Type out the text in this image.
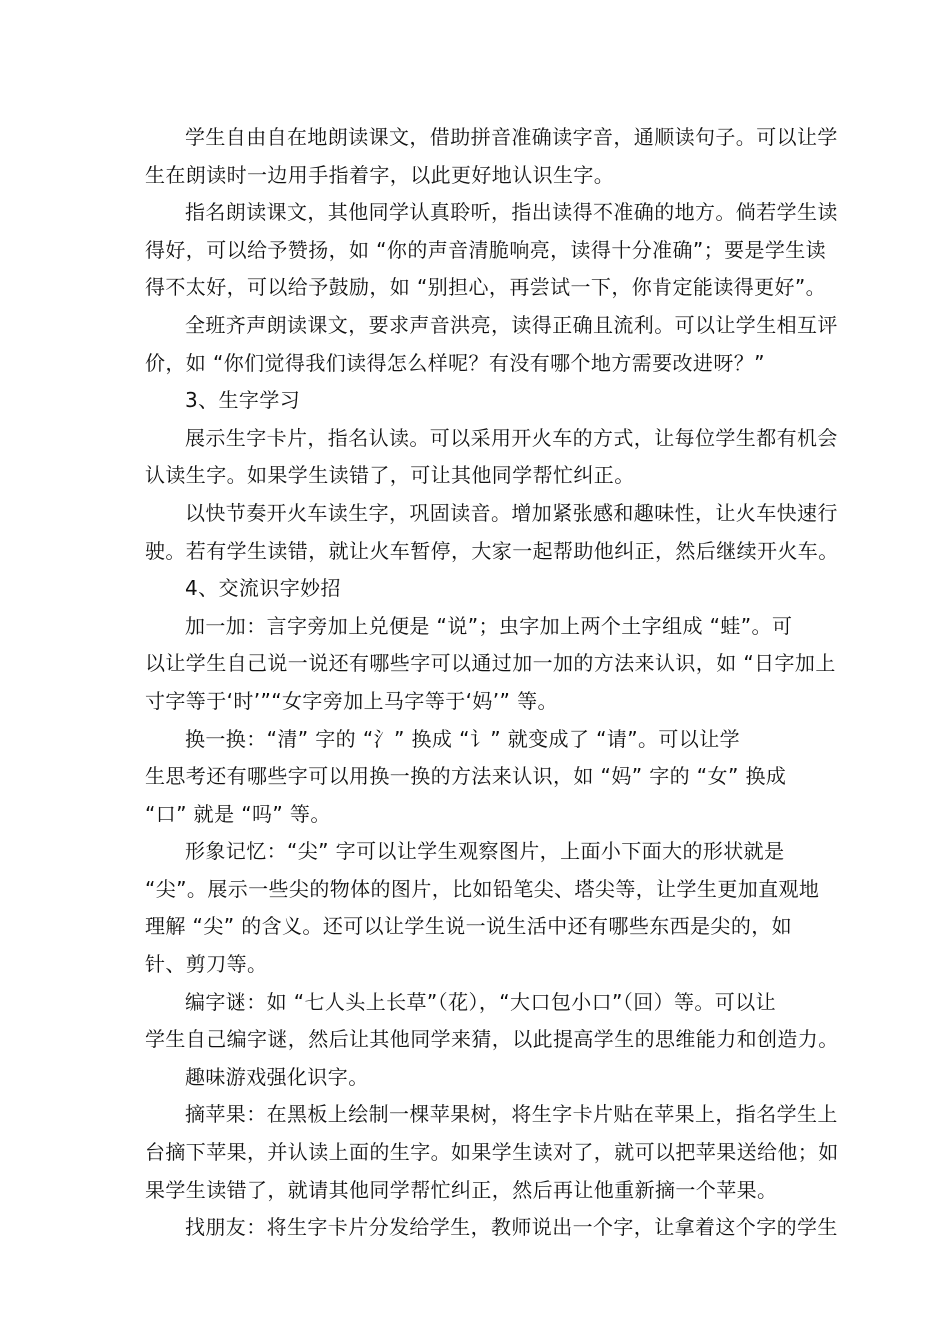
学生自由自在地朗读课文，借助拼音准确读字音，通顺读句子。可以让学
生在朗读时一边用手指着字，以此更好地认识生字。
指名朗读课文，其他同学认真聆听，指出读得不准确的地方。倘若学生读
得好，可以给予赞扬，如 “你的声音清脆响亮，读得十分准确”；要是学生读
得不太好，可以给予鼓励，如 “别担心，再尝试一下，你肯定能读得更好”。
全班齐声朗读课文，要求声音洪亮，读得正确且流利。可以让学生相互评
价，如 “你们觉得我们读得怎么样呢？有没有哪个地方需要改进呀？”
3、生字学习
展示生字卡片，指名认读。可以采用开火车的方式，让每位学生都有机会
认读生字。如果学生读错了，可让其他同学帮忙纠正。
以快节奏开火车读生字，巩固读音。增加紧张感和趣味性，让火车快速行
驶。若有学生读错，就让火车暂停，大家一起帮助他纠正，然后继续开火车。
4、交流识字妙招
加一加：言字旁加上兑便是 “说”；虫字加上两个土字组成 “蛙”。可
以让学生自己说一说还有哪些字可以通过加一加的方法来认识，如 “日字加上
寸字等于‘时’”“女字旁加上马字等于‘妈’” 等。
换一换：“清” 字的 “氵” 换成 “讠” 就变成了 “请”。可以让学
生思考还有哪些字可以用换一换的方法来认识，如 “妈” 字的 “女” 换成
“口” 就是 “吗” 等。
形象记忆：“尖” 字可以让学生观察图片，上面小下面大的形状就是
“尖”。展示一些尖的物体的图片，比如铅笔尖、塔尖等，让学生更加直观地
理解 “尖” 的含义。还可以让学生说一说生活中还有哪些东西是尖的，如
针、剪刀等。
编字谜：如 “七人头上长草”（花），“大口包小口”（回）等。可以让
学生自己编字谜，然后让其他同学来猜，以此提高学生的思维能力和创造力。
趣味游戏强化识字。
摘苹果：在黑板上绘制一棵苹果树，将生字卡片贴在苹果上，指名学生上
台摘下苹果，并认读上面的生字。如果学生读对了，就可以把苹果送给他；如
果学生读错了，就请其他同学帮忙纠正，然后再让他重新摘一个苹果。
找朋友：将生字卡片分发给学生，教师说出一个字，让拿着这个字的学生
